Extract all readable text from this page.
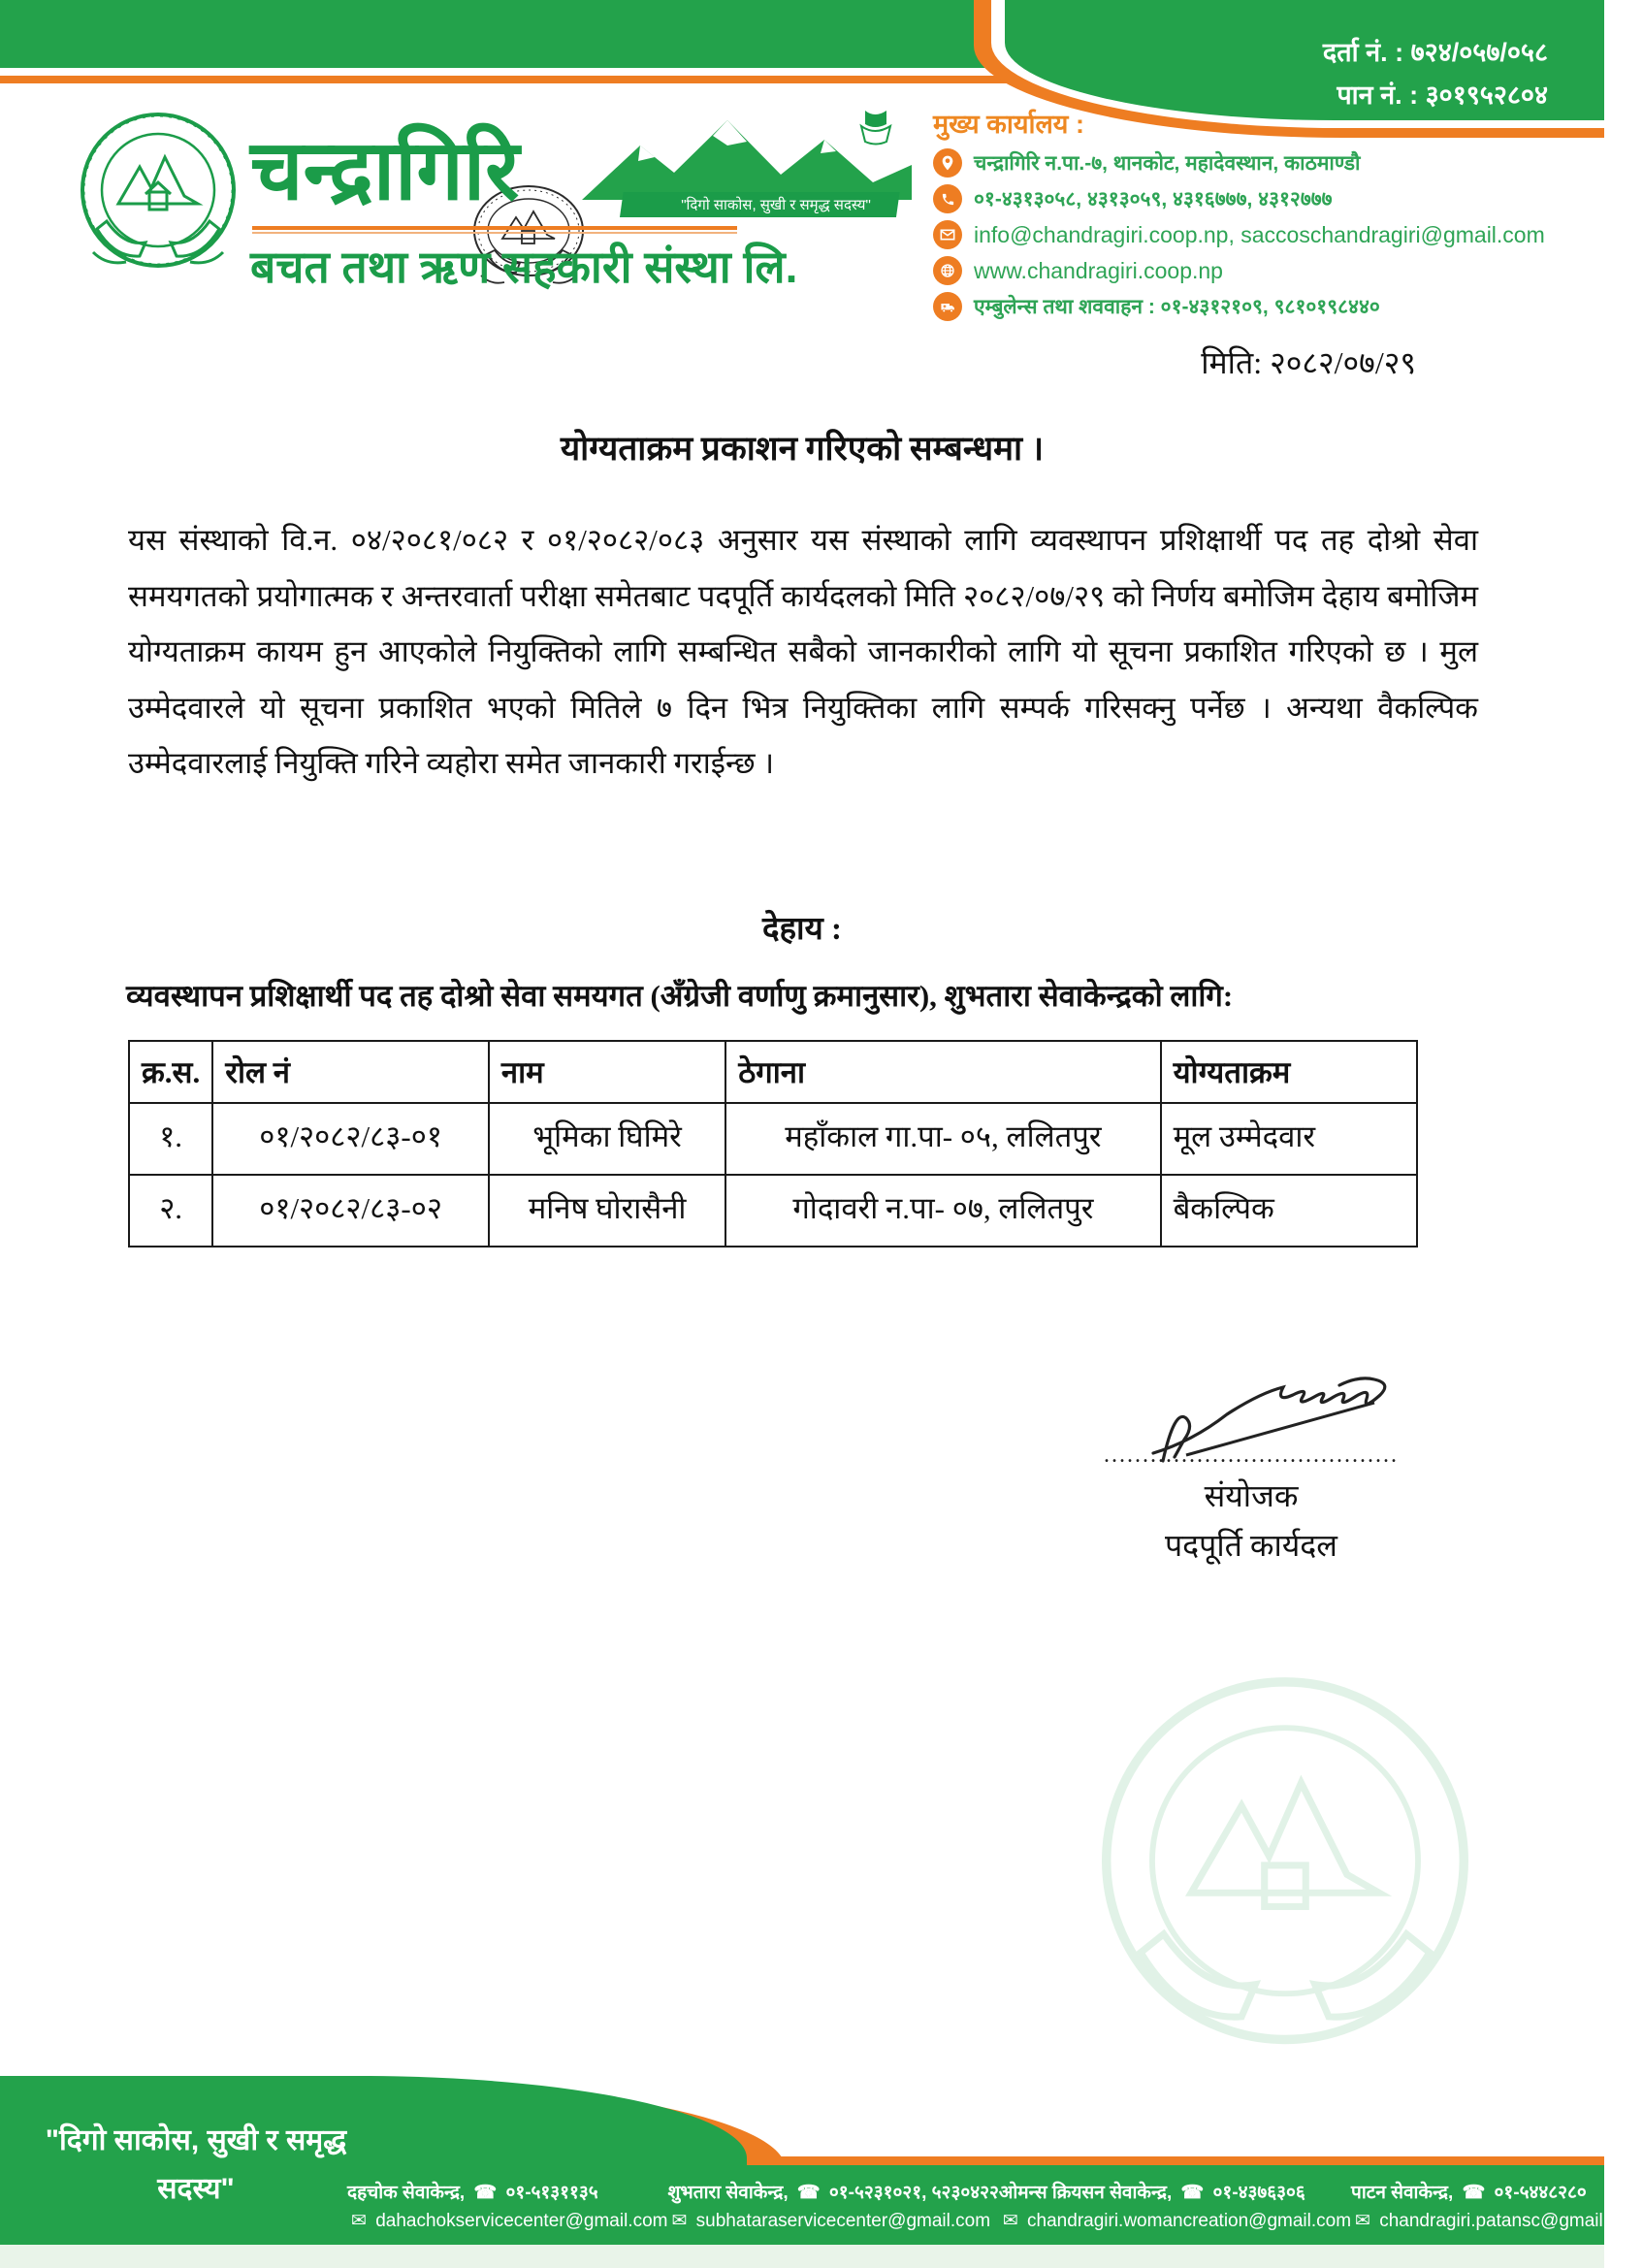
दर्ता नं. : ७२४/०५७/०५८
पान नं. : ३०१९५२८०४
चन्द्रागिरि	"दिगो साकोस, सुखी र समृद्ध सदस्य"
बचत तथा ऋण सहकारी संस्था लि.
मुख्य कार्यालय :
चन्द्रागिरि न.पा.-७, थानकोट, महादेवस्थान, काठमाण्डौ
०१-४३१३०५८, ४३१३०५९, ४३१६७७७, ४३१२७७७
info@chandragiri.coop.np, saccoschandragiri@gmail.com
www.chandragiri.coop.np
एम्बुलेन्स तथा शववाहन : ०१-४३१२१०९, ९८१०१९८४४०
मिति: २०८२/०७/२९
योग्यताक्रम प्रकाशन गरिएको सम्बन्धमा ।
यस संस्थाको वि.न. ०४/२०८१/०८२ र ०१/२०८२/०८३ अनुसार यस संस्थाको लागि व्यवस्थापन प्रशिक्षार्थी पद तह दोश्रो सेवा समयगतको प्रयोगात्मक र अन्तरवार्ता परीक्षा समेतबाट पदपूर्ति कार्यदलको मिति २०८२/०७/२९ को निर्णय बमोजिम देहाय बमोजिम योग्यताक्रम कायम हुन आएकोले नियुक्तिको लागि सम्बन्धित सबैको जानकारीको लागि यो सूचना प्रकाशित गरिएको छ । मुल उम्मेदवारले यो सूचना प्रकाशित भएको मितिले ७ दिन भित्र नियुक्तिका लागि सम्पर्क गरिसक्नु पर्नेछ । अन्यथा वैकल्पिक उम्मेदवारलाई नियुक्ति गरिने व्यहोरा समेत जानकारी गराईन्छ ।
देहाय :
व्यवस्थापन प्रशिक्षार्थी पद तह दोश्रो सेवा समयगत (अँग्रेजी वर्णाणु क्रमानुसार), शुभतारा सेवाकेन्द्रको लागि:
क्र.स.	रोल नं	नाम	ठेगाना	योग्यताक्रम
१.	०१/२०८२/८३-०१	भूमिका घिमिरे	महाँकाल गा.पा- ०५, ललितपुर	मूल उम्मेदवार
२.	०१/२०८२/८३-०२	मनिष घोरासैनी	गोदावरी न.पा- ०७, ललितपुर	बैकल्पिक
......................................
संयोजक
पदपूर्ति कार्यदल
"दिगो साकोस, सुखी र समृद्ध सदस्य"	दहचोक सेवाकेन्द्र, ☎ ०१-५१३११३५
✉ dahachokservicecenter@gmail.com
शुभतारा सेवाकेन्द्र, ☎ ०१-५२३१०२१, ५२३०४२२
✉ subhataraservicecenter@gmail.com
ओमन्स क्रियसन सेवाकेन्द्र, ☎ ०१-४३७६३०६
✉ chandragiri.womancreation@gmail.com
पाटन सेवाकेन्द्र, ☎ ०१-५४४८२८०
✉ chandragiri.patansc@gmail.com
